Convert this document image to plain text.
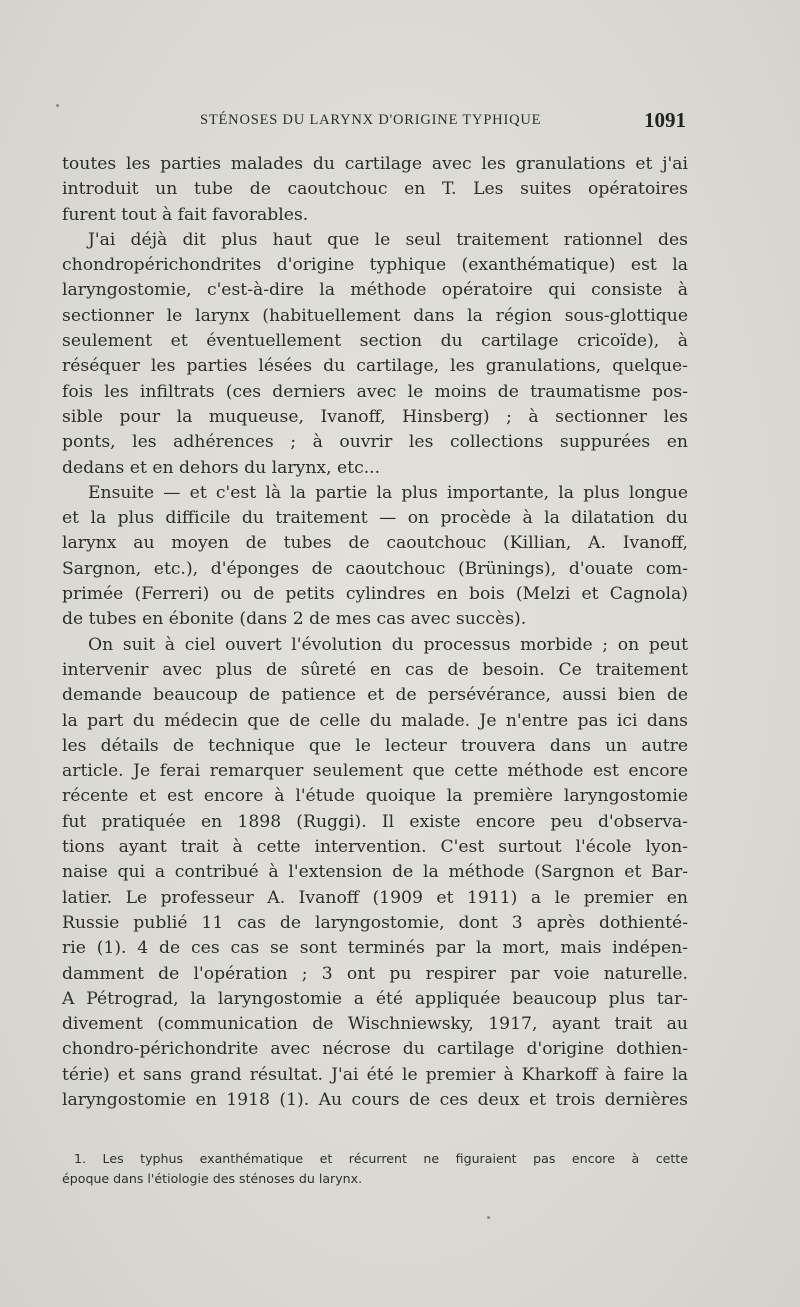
STÉNOSES DU LARYNX D'ORIGINE TYPHIQUE	1091
toutes les parties malades du cartilage avec les granulations et j'ai
introduit un tube de caoutchouc en T. Les suites opératoires
furent tout à fait favorables.
J'ai déjà dit plus haut que le seul traitement rationnel des
chondropérichondrites d'origine typhique (exanthématique) est la
laryngostomie, c'est-à-dire la méthode opératoire qui consiste à
sectionner le larynx (habituellement dans la région sous-glottique
seulement et éventuellement section du cartilage cricoïde), à
réséquer les parties lésées du cartilage, les granulations, quelque-
fois les infiltrats (ces derniers avec le moins de traumatisme pos-
sible pour la muqueuse, Ivanoff, Hinsberg) ; à sectionner les
ponts, les adhérences ; à ouvrir les collections suppurées en
dedans et en dehors du larynx, etc...
Ensuite — et c'est là la partie la plus importante, la plus longue
et la plus difficile du traitement — on procède à la dilatation du
larynx au moyen de tubes de caoutchouc (Killian, A. Ivanoff,
Sargnon, etc.), d'éponges de caoutchouc (Brünings), d'ouate com-
primée (Ferreri) ou de petits cylindres en bois (Melzi et Cagnola)
de tubes en ébonite (dans 2 de mes cas avec succès).
On suit à ciel ouvert l'évolution du processus morbide ; on peut
intervenir avec plus de sûreté en cas de besoin. Ce traitement
demande beaucoup de patience et de persévérance, aussi bien de
la part du médecin que de celle du malade. Je n'entre pas ici dans
les détails de technique que le lecteur trouvera dans un autre
article. Je ferai remarquer seulement que cette méthode est encore
récente et est encore à l'étude quoique la première laryngostomie
fut pratiquée en 1898 (Ruggi). Il existe encore peu d'observa-
tions ayant trait à cette intervention. C'est surtout l'école lyon-
naise qui a contribué à l'extension de la méthode (Sargnon et Bar-
latier. Le professeur A. Ivanoff (1909 et 1911) a le premier en
Russie publié 11 cas de laryngostomie, dont 3 après dothienté-
rie (1). 4 de ces cas se sont terminés par la mort, mais indépen-
damment de l'opération ; 3 ont pu respirer par voie naturelle.
A Pétrograd, la laryngostomie a été appliquée beaucoup plus tar-
divement (communication de Wischniewsky, 1917, ayant trait au
chondro-périchondrite avec nécrose du cartilage d'origine dothien-
térie) et sans grand résultat. J'ai été le premier à Kharkoff à faire la
laryngostomie en 1918 (1). Au cours de ces deux et trois dernières
1. Les typhus exanthématique et récurrent ne figuraient pas encore à cette
époque dans l'étiologie des sténoses du larynx.
